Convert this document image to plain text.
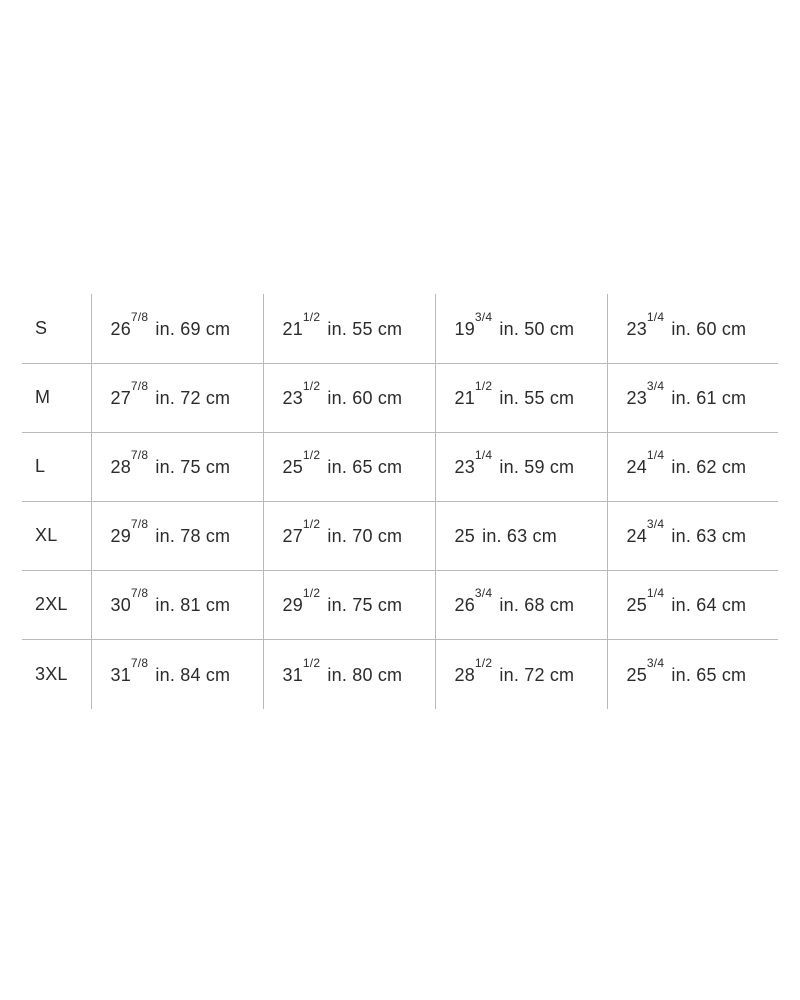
S	$26^{7/8}$ in. 69 cm	$21^{1/2}$ in. 55 cm	$19^{3/4}$ in. 50 cm	$23^{1/4}$ in. 60 cm
M	$27^{7/8}$ in. 72 cm	$23^{1/2}$ in. 60 cm	$21^{1/2}$ in. 55 cm	$23^{3/4}$ in. 61 cm
L	$28^{7/8}$ in. 75 cm	$25^{1/2}$ in. 65 cm	$23^{1/4}$ in. 59 cm	$24^{1/4}$ in. 62 cm
XL	$29^{7/8}$ in. 78 cm	$27^{1/2}$ in. 70 cm	25 in. 63 cm	$24^{3/4}$ in. 63 cm
2XL	$30^{7/8}$ in. 81 cm	$29^{1/2}$ in. 75 cm	$26^{3/4}$ in. 68 cm	$25^{1/4}$ in. 64 cm
3XL	$31^{7/8}$ in. 84 cm	$31^{1/2}$ in. 80 cm	$28^{1/2}$ in. 72 cm	$25^{3/4}$ in. 65 cm
